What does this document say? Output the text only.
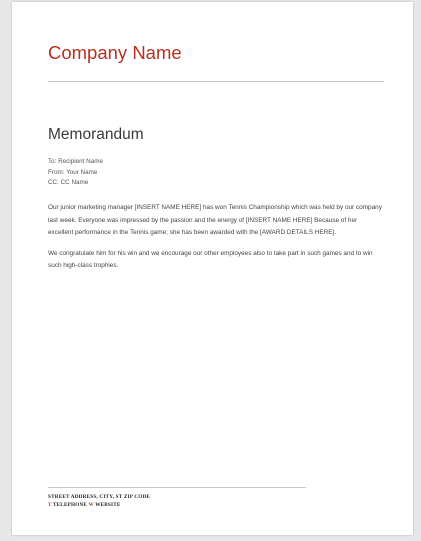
Company Name
Memorandum
To: Recipient Name
From: Your Name
CC: CC Name

Our junior marketing manager [INSERT NAME HERE] has won Tennis Championship which was held by our company last week. Everyone was impressed by the passion and the energy of [INSERT NAME HERE] Because of her excellent performance in the Tennis game; she has been awarded with the [AWARD DETAILS HERE].

We congratulate him for his win and we encourage our other employees also to take part in such games and to win such high-class trophies.

STREET ADDRESS, CITY, ST ZIP CODE
T TELEPHONE W WEBSITE
